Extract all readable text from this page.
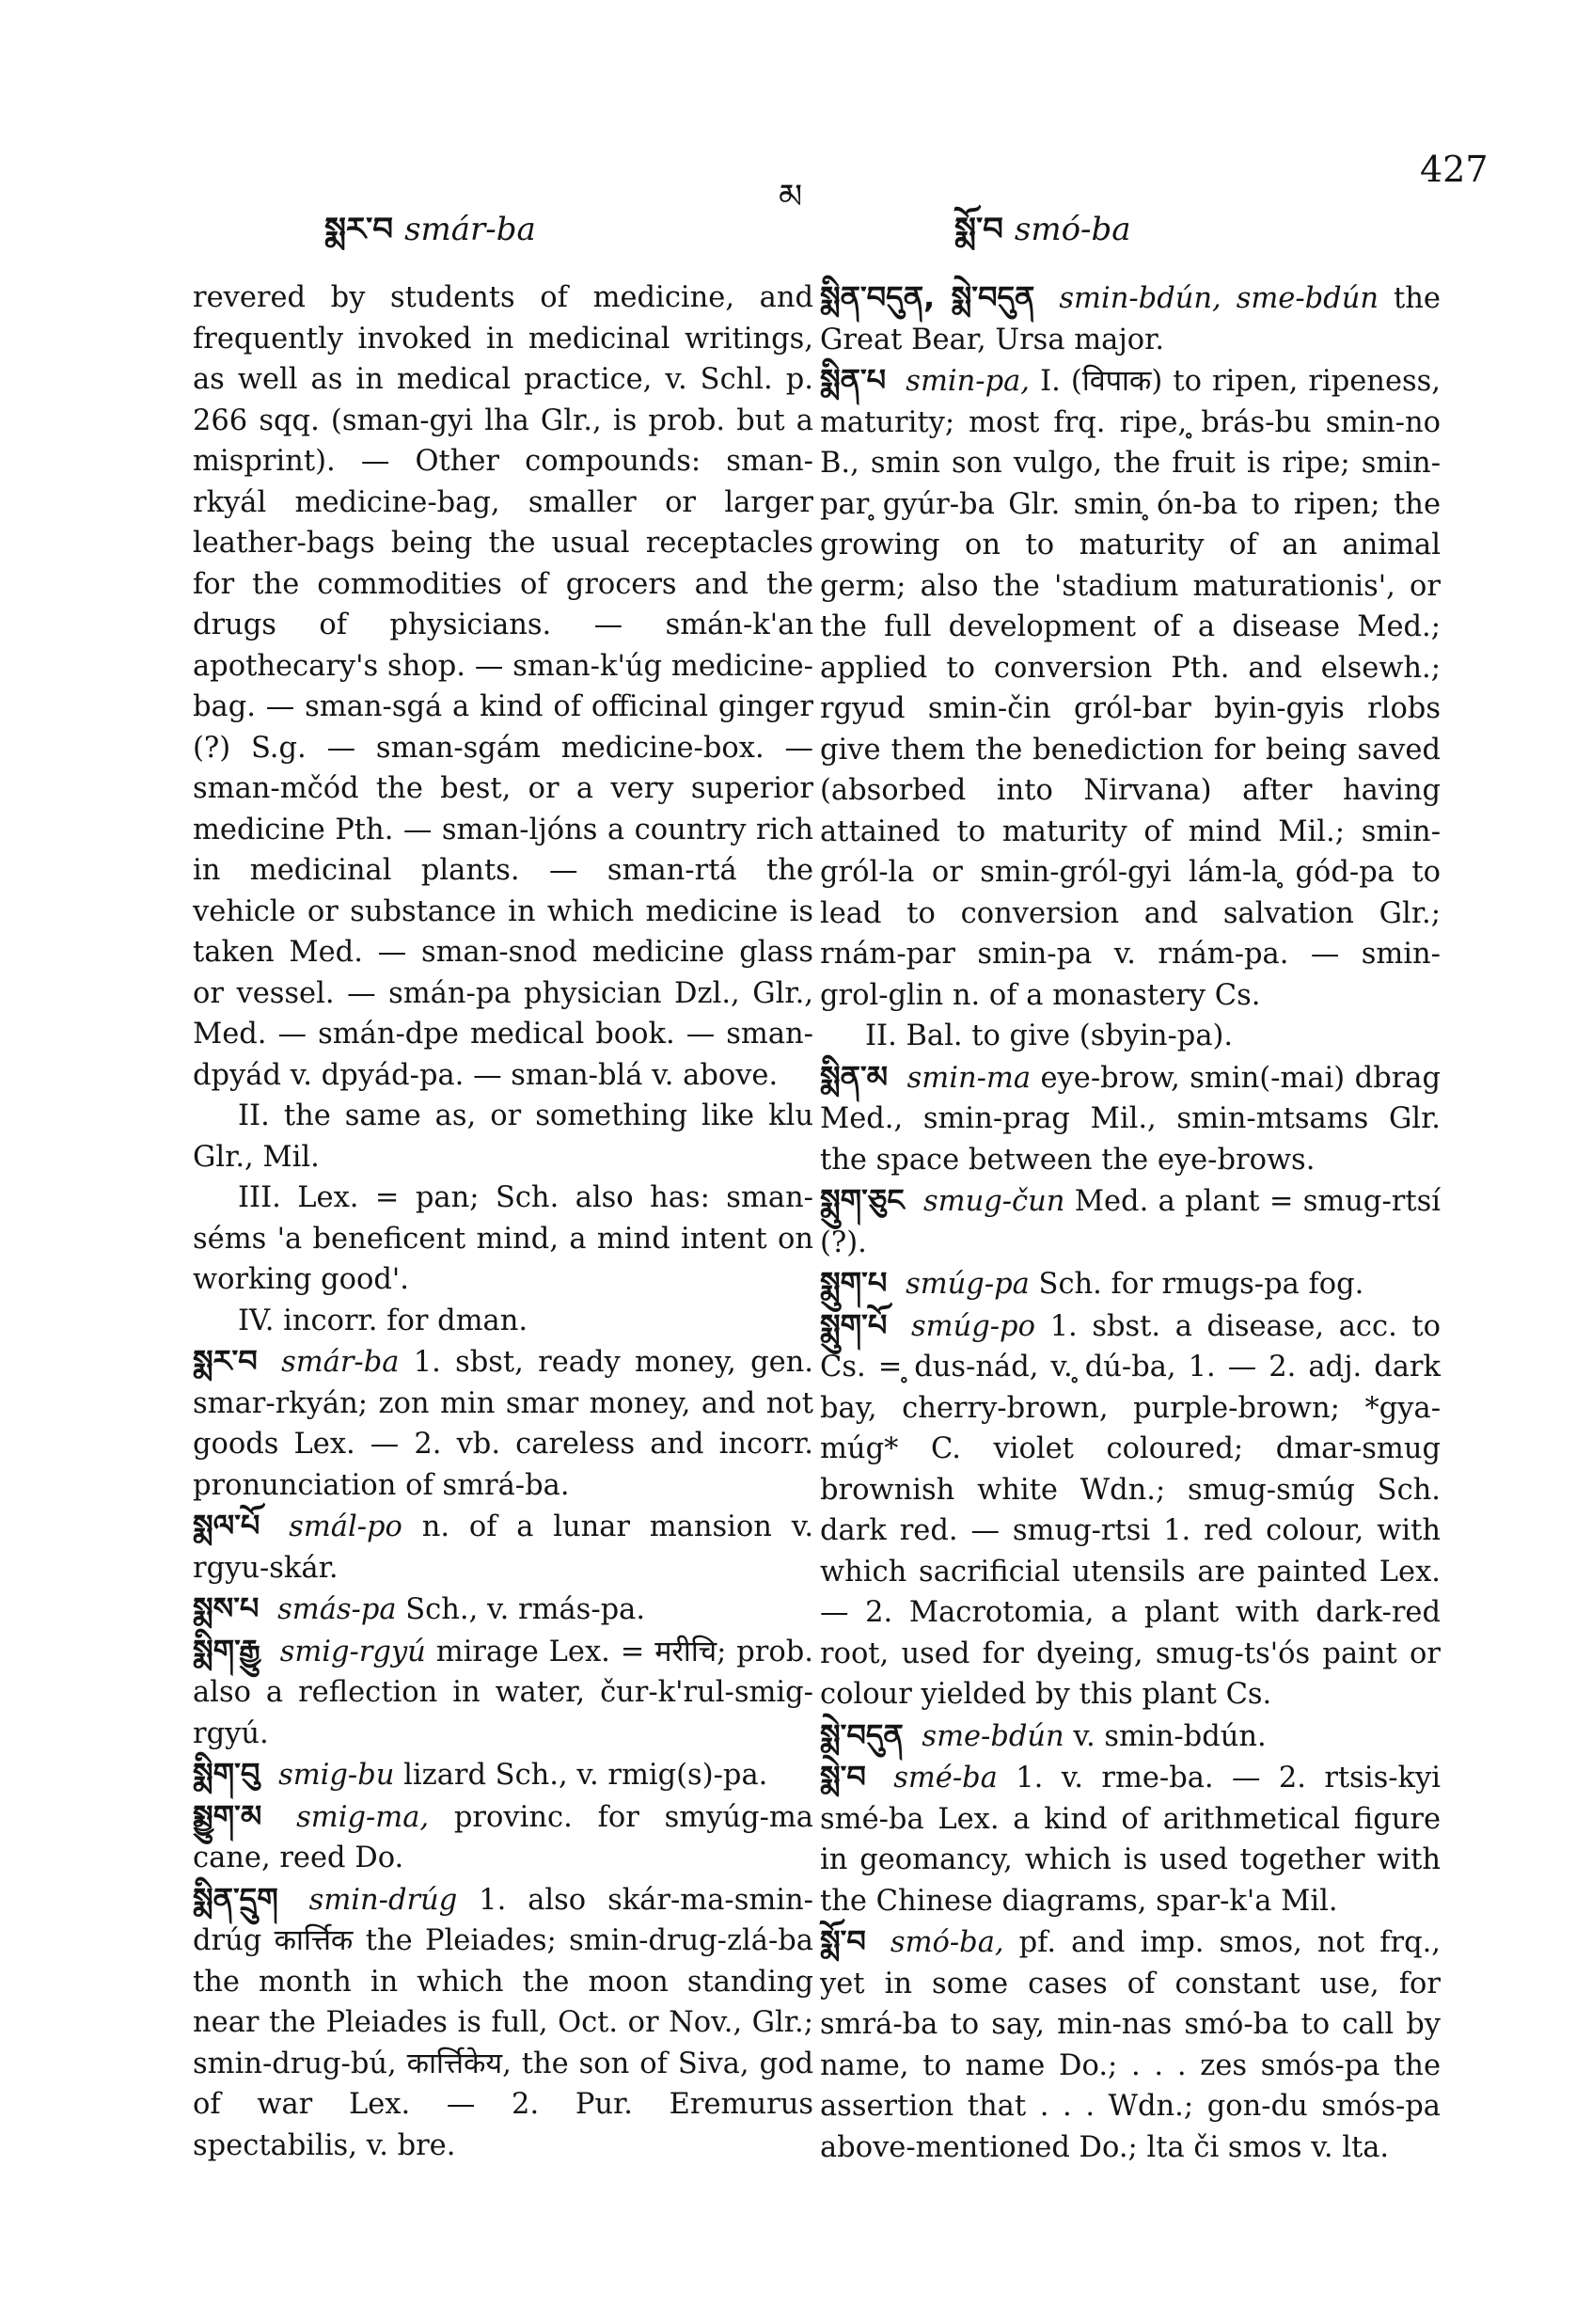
སྨར་བ smár-ba
མ
སྨོ་བ smó-ba
427

revered by students of medicine, and frequently invoked in medicinal writings, as well as in medical practice, v. Schl. p. 266 sqq. (sman-gyi lha Glr., is prob. but a misprint). — Other compounds: sman-rkyál medicine-bag, smaller or larger leather-bags being the usual receptacles for the commodities of grocers and the drugs of physicians. — smán-k'an apothecary's shop. — sman-k'úg medicine-bag. — sman-sgá a kind of officinal ginger (?) S.g. — sman-sgám medicine-box. — sman-mčód the best, or a very superior medicine Pth. — sman-ljóns a country rich in medicinal plants. — sman-rtá the vehicle or substance in which medicine is taken Med. — sman-snod medicine glass or vessel. — smán-pa physician Dzl., Glr., Med. — smán-dpe medical book. — sman-dpyád v. dpyád-pa. — sman-blá v. above.

II. the same as, or something like klu Glr., Mil.

III. Lex. = pan; Sch. also has: sman-séms 'a beneficent mind, a mind intent on working good'.

IV. incorr. for dman.

སྨར་བ smár-ba 1. sbst, ready money, gen. smar-rkyán; zon min smar money, and not goods Lex. — 2. vb. careless and incorr. pronunciation of smrá-ba.

སྨལ་པོ smál-po n. of a lunar mansion v. rgyu-skár.

སྨས་པ smás-pa Sch., v. rmás-pa.

སྨིག་རྒྱུ smig-rgyú mirage Lex. = मरीचि; prob. also a reflection in water, čur-k'rul-smig-rgyú.

སྨིག་བུ smig-bu lizard Sch., v. rmig(s)-pa.

སྨྱུག་མ smig-ma, provinc. for smyúg-ma cane, reed Do.

སྨིན་དྲུག smin-drúg 1. also skár-ma-smin-drúg कार्त्तिक the Pleiades; smin-drug-zlá-ba the month in which the moon standing near the Pleiades is full, Oct. or Nov., Glr.; smin-drug-bú, कार्त्तिकेय, the son of Siva, god of war Lex. — 2. Pur. Eremurus spectabilis, v. bre.

སྨིན་བདུན, སྨེ་བདུན smin-bdún, sme-bdún the Great Bear, Ursa major.

སྨིན་པ smin-pa, I. (विपाक) to ripen, ripeness, maturity; most frq. ripe, ̥brás-bu smin-no B., smin son vulgo, the fruit is ripe; smin-par ̥gyúr-ba Glr. smin ̥ón-ba to ripen; the growing on to maturity of an animal germ; also the 'stadium maturationis', or the full development of a disease Med.; applied to conversion Pth. and elsewh.; rgyud smin-čin gról-bar byin-gyis rlobs give them the benediction for being saved (absorbed into Nirvana) after having attained to maturity of mind Mil.; smin-gról-la or smin-gról-gyi lám-la ̥gód-pa to lead to conversion and salvation Glr.; rnám-par smin-pa v. rnám-pa. — smin-grol-glin n. of a monastery Cs.

II. Bal. to give (sbyin-pa).

སྨིན་མ smin-ma eye-brow, smin(-mai) dbrag Med., smin-prag Mil., smin-mtsams Glr. the space between the eye-brows.

སྨུག་ཅུང smug-čun Med. a plant = smug-rtsí (?).

སྨུག་པ smúg-pa Sch. for rmugs-pa fog.

སྨུག་པོ smúg-po 1. sbst. a disease, acc. to Cs. = ̥dus-nád, v. ̥dú-ba, 1. — 2. adj. dark bay, cherry-brown, purple-brown; *gya-múg* C. violet coloured; dmar-smug brownish white Wdn.; smug-smúg Sch. dark red. — smug-rtsi 1. red colour, with which sacrificial utensils are painted Lex. — 2. Macrotomia, a plant with dark-red root, used for dyeing, smug-ts'ós paint or colour yielded by this plant Cs.

སྨེ་བདུན sme-bdún v. smin-bdún.

སྨེ་བ smé-ba 1. v. rme-ba. — 2. rtsis-kyi smé-ba Lex. a kind of arithmetical figure in geomancy, which is used together with the Chinese diagrams, spar-k'a Mil.

སྨོ་བ smó-ba, pf. and imp. smos, not frq., yet in some cases of constant use, for smrá-ba to say, min-nas smó-ba to call by name, to name Do.; . . . zes smós-pa the assertion that . . . Wdn.; gon-du smós-pa above-mentioned Do.; lta či smos v. lta.
